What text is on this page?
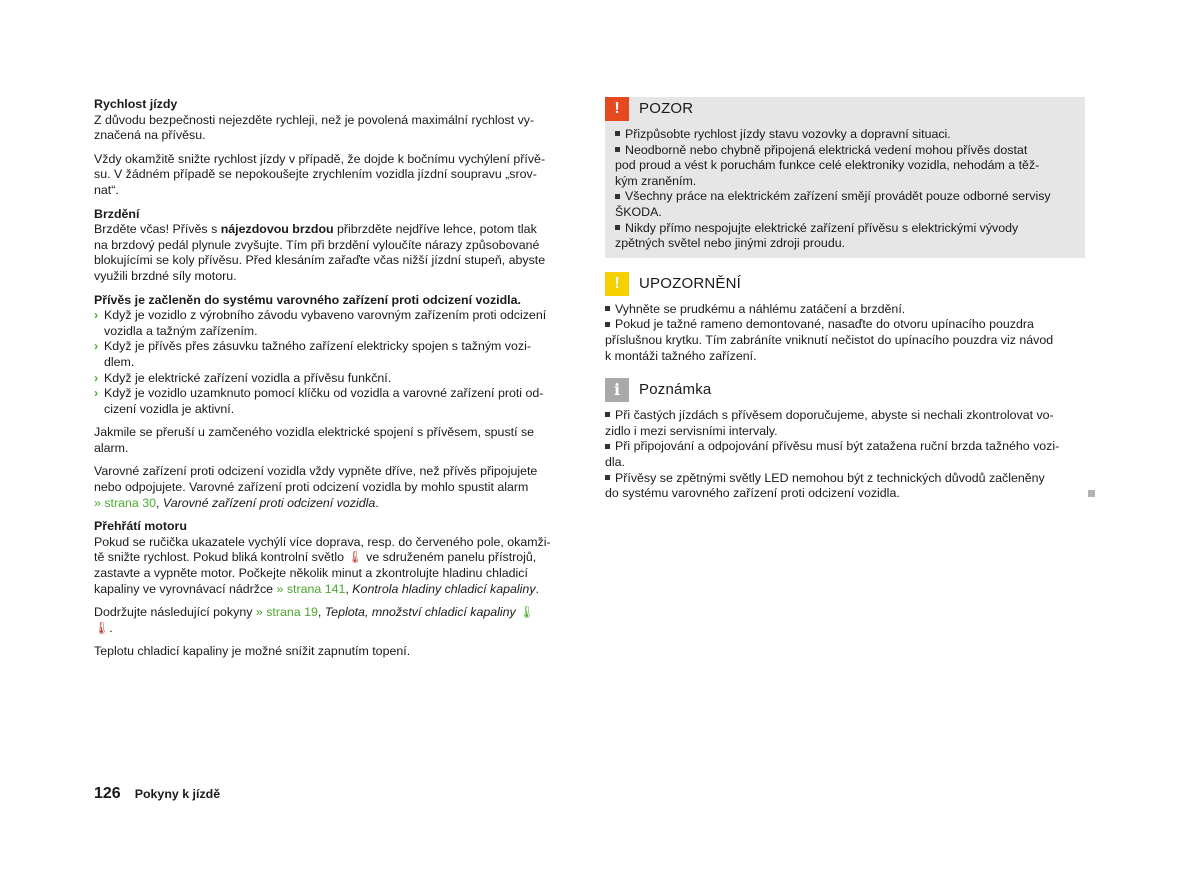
Rychlost jízdy

Z důvodu bezpečnosti nejezděte rychleji, než je povolená maximální rychlost vy-
značená na přívěsu.

Vždy okamžitě snižte rychlost jízdy v případě, že dojde k bočnímu vychýlení přívě-
su. V žádném případě se nepokoušejte zrychlením vozidla jízdní soupravu „srov-
nat“.

Brzdění

Brzděte včas! Přívěs s nájezdovou brzdou přibrzděte nejdříve lehce, potom tlak
na brzdový pedál plynule zvyšujte. Tím při brzdění vyloučíte nárazy způsobované
blokujícími se koly přívěsu. Před klesáním zařaďte včas nižší jízdní stupeň, abyste
využili brzdné síly motoru.

Přívěs je začleněn do systému varovného zařízení proti odcizení vozidla.
› Když je vozidlo z výrobního závodu vybaveno varovným zařízením proti odcizení
vozidla a tažným zařízením.
› Když je přívěs přes zásuvku tažného zařízení elektricky spojen s tažným vozi-
dlem.
› Když je elektrické zařízení vozidla a přívěsu funkční.
› Když je vozidlo uzamknuto pomocí klíčku od vozidla a varovné zařízení proti od-
cizení vozidla je aktivní.

Jakmile se přeruší u zamčeného vozidla elektrické spojení s přívěsem, spustí se
alarm.

Varovné zařízení proti odcizení vozidla vždy vypněte dříve, než přívěs připojujete
nebo odpojujete. Varovné zařízení proti odcizení vozidla by mohlo spustit alarm
» strana 30, Varovné zařízení proti odcizení vozidla.

Přehřátí motoru

Pokud se ručička ukazatele vychýlí více doprava, resp. do červeného pole, okamži-
tě snižte rychlost. Pokud bliká kontrolní světlo 🌡 ve sdruženém panelu přístrojů,
zastavte a vypněte motor. Počkejte několik minut a zkontrolujte hladinu chladicí
kapaliny ve vyrovnávací nádržce » strana 141, Kontrola hladiny chladicí kapaliny.

Dodržujte následující pokyny » strana 19, Teplota, množství chladicí kapaliny 🌡
🌡.

Teplotu chladicí kapaliny je možné snížit zapnutím topení.

!	POZOR
Přizpůsobte rychlost jízdy stavu vozovky a dopravní situaci.
Neodborně nebo chybně připojená elektrická vedení mohou přívěs dostat
pod proud a vést k poruchám funkce celé elektroniky vozidla, nehodám a těž-
kým zraněním.
Všechny práce na elektrickém zařízení smějí provádět pouze odborné servisy
ŠKODA.
Nikdy přímo nespojujte elektrické zařízení přívěsu s elektrickými vývody
zpětných světel nebo jinými zdroji proudu.
!	UPOZORNĚNÍ
Vyhněte se prudkému a náhlému zatáčení a brzdění.
Pokud je tažné rameno demontované, nasaďte do otvoru upínacího pouzdra
příslušnou krytku. Tím zabráníte vniknutí nečistot do upínacího pouzdra viz návod
k montáži tažného zařízení.
i	Poznámka
Při častých jízdách s přívěsem doporučujeme, abyste si nechali zkontrolovat vo-
zidlo i mezi servisními intervaly.
Při připojování a odpojování přívěsu musí být zatažena ruční brzda tažného vozi-
dla.
Přívěsy se zpětnými světly LED nemohou být z technických důvodů začleněny
do systému varovného zařízení proti odcizení vozidla.
126 Pokyny k jízdě
